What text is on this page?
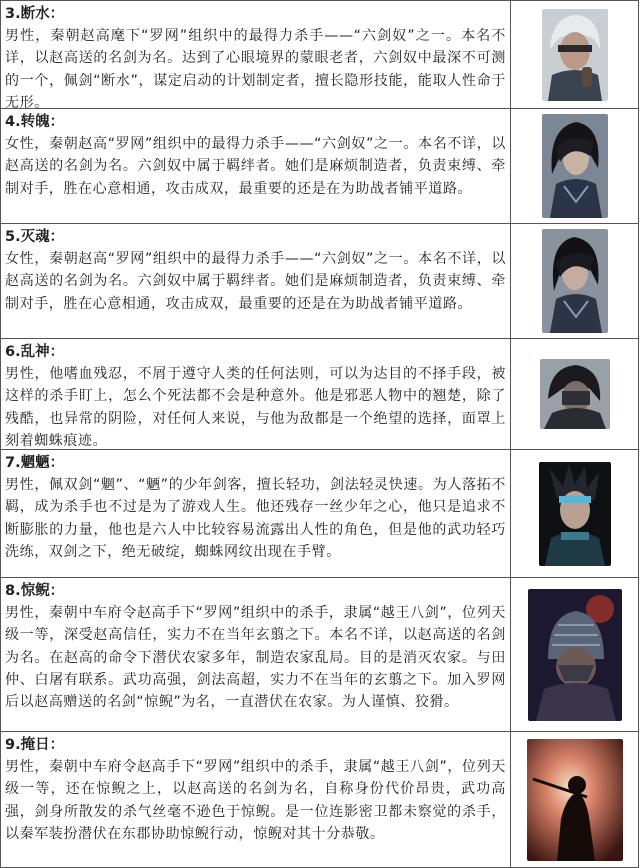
3.断水：

男性，秦朝赵高麾下“罗网”组织中的最得力杀手——“六剑奴”之一。本名不详，以赵高送的名剑为名。达到了心眼境界的蒙眼老者，六剑奴中最深不可测的一个，佩剑“断水”，谋定启动的计划制定者，擅长隐形技能，能取人性命于无形。

4.转魄：

女性，秦朝赵高“罗网”组织中的最得力杀手——“六剑奴”之一。本名不详，以赵高送的名剑为名。六剑奴中属于羁绊者。她们是麻烦制造者，负责束缚、牵制对手，胜在心意相通，攻击成双，最重要的还是在为助战者铺平道路。

5.灭魂：

女性，秦朝赵高“罗网”组织中的最得力杀手——“六剑奴”之一。本名不详，以赵高送的名剑为名。六剑奴中属于羁绊者。她们是麻烦制造者，负责束缚、牵制对手，胜在心意相通，攻击成双，最重要的还是在为助战者铺平道路。

6.乱神：

男性，他嗜血残忍，不屑于遵守人类的任何法则，可以为达目的不择手段，被这样的杀手盯上，怎么个死法都不会是种意外。他是邪恶人物中的翘楚，除了残酷，也异常的阴险，对任何人来说，与他为敌都是一个绝望的选择，面罩上刻着蜘蛛痕迹。

7.魍魉：

男性，佩双剑“魍”、“魉”的少年剑客，擅长轻功，剑法轻灵快速。为人落拓不羁，成为杀手也不过是为了游戏人生。他还残存一丝少年之心，他只是追求不断膨胀的力量，他也是六人中比较容易流露出人性的角色，但是他的武功轻巧洗练，双剑之下，绝无破绽，蜘蛛网纹出现在手臂。

8.惊鲵：

男性，秦朝中车府令赵高手下“罗网”组织中的杀手，隶属“越王八剑”，位列天级一等，深受赵高信任，实力不在当年玄翦之下。本名不详，以赵高送的名剑为名。在赵高的命令下潜伏农家多年，制造农家乱局。目的是消灭农家。与田仲、白屠有联系。武功高强，剑法高超，实力不在当年的玄翦之下。加入罗网后以赵高赠送的名剑“惊鲵”为名，一直潜伏在农家。为人谨慎、狡猾。

9.掩日：

男性，秦朝中车府令赵高手下“罗网”组织中的杀手，隶属“越王八剑”，位列天级一等，还在惊鲵之上，以赵高送的名剑为名，自称身份代价昂贵，武功高强，剑身所散发的杀气丝毫不逊色于惊鲵。是一位连影密卫都未察觉的杀手，以秦军装扮潜伏在东郡协助惊鲵行动，惊鲵对其十分恭敬。
